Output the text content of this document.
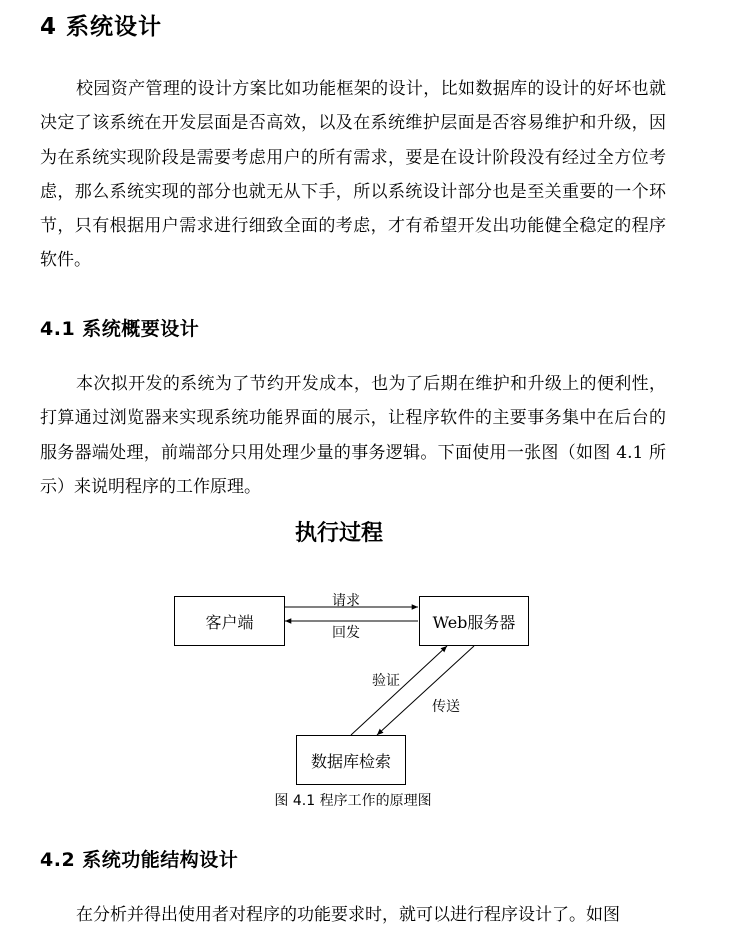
4 系统设计
校园资产管理的设计方案比如功能框架的设计，比如数据库的设计的好坏也就决定了该系统在开发层面是否高效，以及在系统维护层面是否容易维护和升级，因为在系统实现阶段是需要考虑用户的所有需求，要是在设计阶段没有经过全方位考虑，那么系统实现的部分也就无从下手，所以系统设计部分也是至关重要的一个环节，只有根据用户需求进行细致全面的考虑，才有希望开发出功能健全稳定的程序软件。
4.1 系统概要设计
本次拟开发的系统为了节约开发成本，也为了后期在维护和升级上的便利性，打算通过浏览器来实现系统功能界面的展示，让程序软件的主要事务集中在后台的服务器端处理，前端部分只用处理少量的事务逻辑。下面使用一张图（如图 4.1 所示）来说明程序的工作原理。
执行过程
客户端	Web服务器
数据库检索
请求
回发
验证
传送
图 4.1 程序工作的原理图
4.2 系统功能结构设计
在分析并得出使用者对程序的功能要求时，就可以进行程序设计了。如图
